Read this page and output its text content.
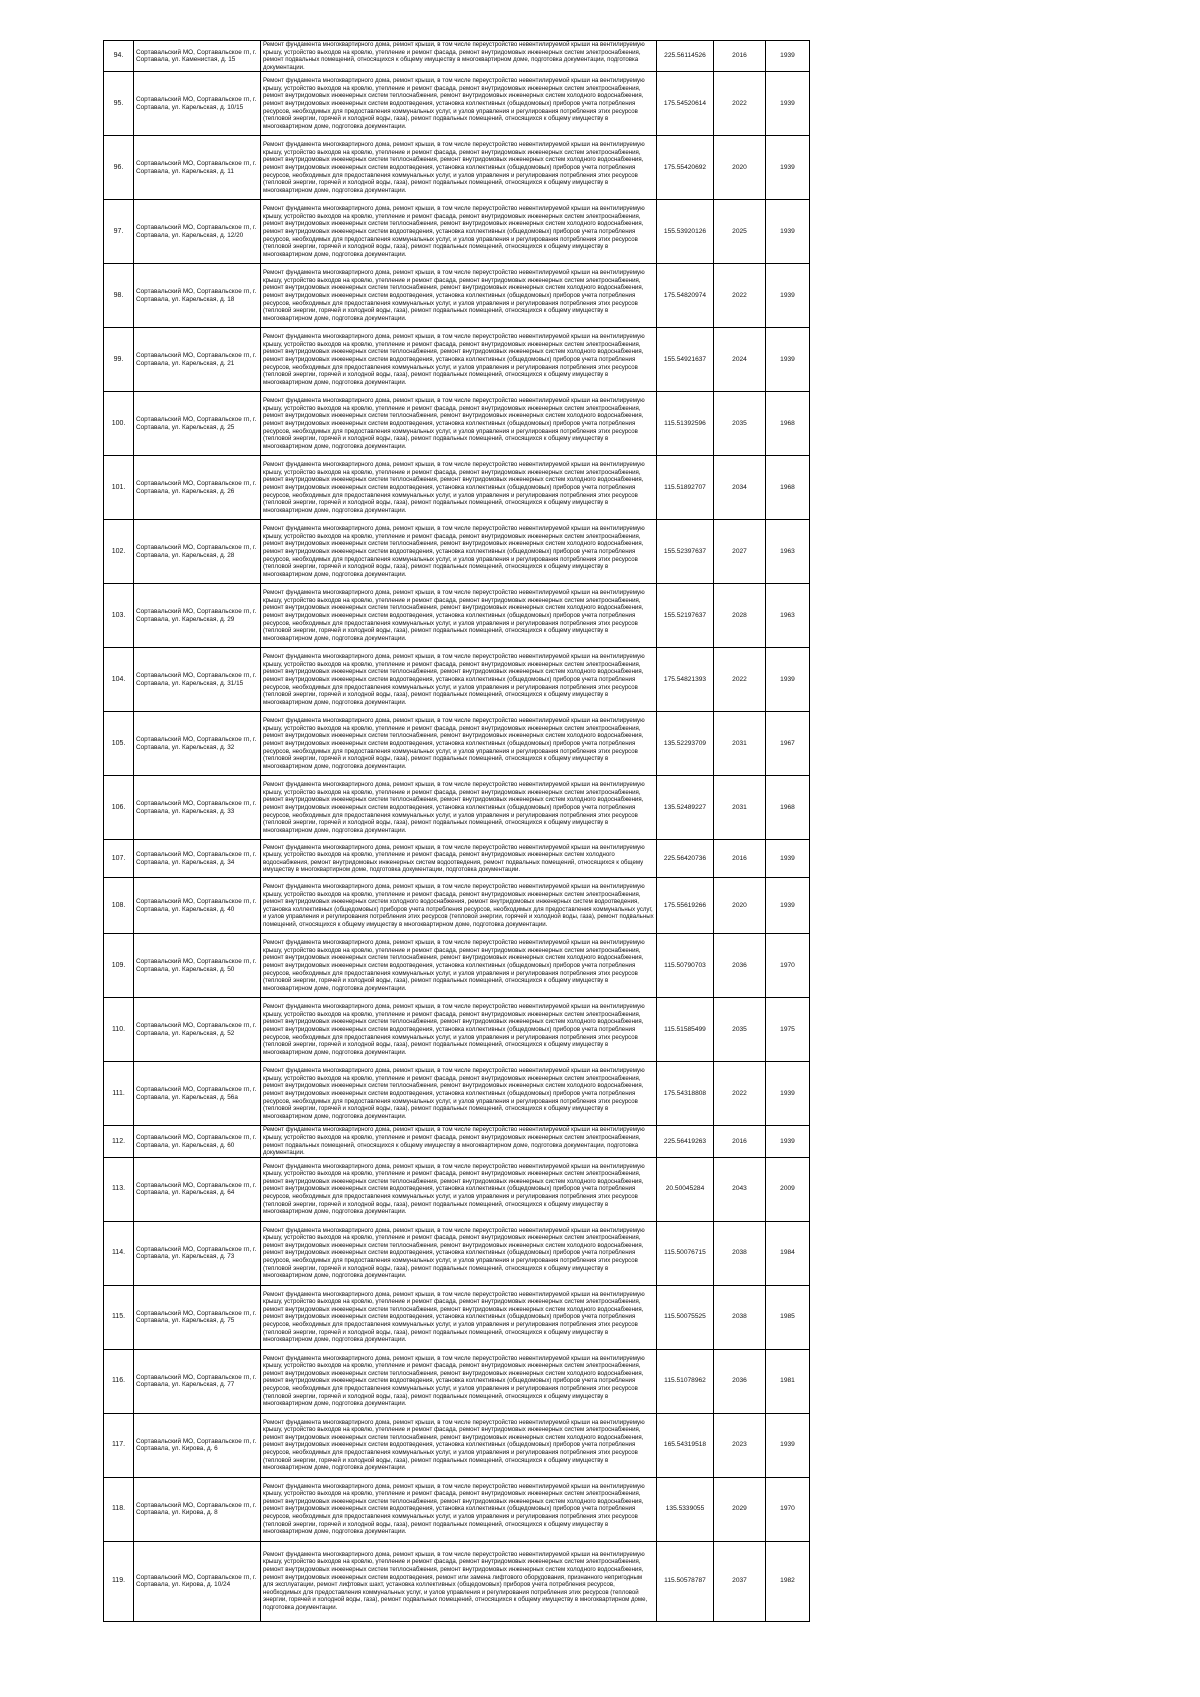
94.	Сортавальский МО, Сортавальское гп, г. Сортавала, ул. Каменистая, д. 15	Ремонт фундамента многоквартирного дома, ремонт крыши, в том числе переустройство невентилируемой крыши на вентилируемую крышу, устройство выходов на кровлю, утепление и ремонт фасада, ремонт внутридомовых инженерных систем электроснабжения, ремонт подвальных помещений, относящихся к общему имуществу в многоквартирном доме, подготовка документации, подготовка документации.	225.56114526	2016	1939
95.	Сортавальский МО, Сортавальское гп, г. Сортавала, ул. Карельская, д. 10/15	Ремонт фундамента многоквартирного дома, ремонт крыши, в том числе переустройство невентилируемой крыши на вентилируемую крышу, устройство выходов на кровлю, утепление и ремонт фасада, ремонт внутридомовых инженерных систем электроснабжения, ремонт внутридомовых инженерных систем теплоснабжения, ремонт внутридомовых инженерных систем холодного водоснабжения, ремонт внутридомовых инженерных систем водоотведения, установка коллективных (общедомовых) приборов учета потребления ресурсов, необходимых для предоставления коммунальных услуг, и узлов управления и регулирования потребления этих ресурсов (тепловой энергии, горячей и холодной воды, газа), ремонт подвальных помещений, относящихся к общему имуществу в многоквартирном доме, подготовка документации.	175.54520614	2022	1939
96.	Сортавальский МО, Сортавальское гп, г. Сортавала, ул. Карельская, д. 11	Ремонт фундамента многоквартирного дома, ремонт крыши, в том числе переустройство невентилируемой крыши на вентилируемую крышу, устройство выходов на кровлю, утепление и ремонт фасада, ремонт внутридомовых инженерных систем электроснабжения, ремонт внутридомовых инженерных систем теплоснабжения, ремонт внутридомовых инженерных систем холодного водоснабжения, ремонт внутридомовых инженерных систем водоотведения, установка коллективных (общедомовых) приборов учета потребления ресурсов, необходимых для предоставления коммунальных услуг, и узлов управления и регулирования потребления этих ресурсов (тепловой энергии, горячей и холодной воды, газа), ремонт подвальных помещений, относящихся к общему имуществу в многоквартирном доме, подготовка документации.	175.55420692	2020	1939
97.	Сортавальский МО, Сортавальское гп, г. Сортавала, ул. Карельская, д. 12/20	Ремонт фундамента многоквартирного дома, ремонт крыши, в том числе переустройство невентилируемой крыши на вентилируемую крышу, устройство выходов на кровлю, утепление и ремонт фасада, ремонт внутридомовых инженерных систем электроснабжения, ремонт внутридомовых инженерных систем теплоснабжения, ремонт внутридомовых инженерных систем холодного водоснабжения, ремонт внутридомовых инженерных систем водоотведения, установка коллективных (общедомовых) приборов учета потребления ресурсов, необходимых для предоставления коммунальных услуг, и узлов управления и регулирования потребления этих ресурсов (тепловой энергии, горячей и холодной воды, газа), ремонт подвальных помещений, относящихся к общему имуществу в многоквартирном доме, подготовка документации.	155.53920126	2025	1939
98.	Сортавальский МО, Сортавальское гп, г. Сортавала, ул. Карельская, д. 18	Ремонт фундамента многоквартирного дома, ремонт крыши, в том числе переустройство невентилируемой крыши на вентилируемую крышу, устройство выходов на кровлю, утепление и ремонт фасада, ремонт внутридомовых инженерных систем электроснабжения, ремонт внутридомовых инженерных систем теплоснабжения, ремонт внутридомовых инженерных систем холодного водоснабжения, ремонт внутридомовых инженерных систем водоотведения, установка коллективных (общедомовых) приборов учета потребления ресурсов, необходимых для предоставления коммунальных услуг, и узлов управления и регулирования потребления этих ресурсов (тепловой энергии, горячей и холодной воды, газа), ремонт подвальных помещений, относящихся к общему имуществу в многоквартирном доме, подготовка документации.	175.54820974	2022	1939
99.	Сортавальский МО, Сортавальское гп, г. Сортавала, ул. Карельская, д. 21	Ремонт фундамента многоквартирного дома, ремонт крыши, в том числе переустройство невентилируемой крыши на вентилируемую крышу, устройство выходов на кровлю, утепление и ремонт фасада, ремонт внутридомовых инженерных систем электроснабжения, ремонт внутридомовых инженерных систем теплоснабжения, ремонт внутридомовых инженерных систем холодного водоснабжения, ремонт внутридомовых инженерных систем водоотведения, установка коллективных (общедомовых) приборов учета потребления ресурсов, необходимых для предоставления коммунальных услуг, и узлов управления и регулирования потребления этих ресурсов (тепловой энергии, горячей и холодной воды, газа), ремонт подвальных помещений, относящихся к общему имуществу в многоквартирном доме, подготовка документации.	155.54921637	2024	1939
100.	Сортавальский МО, Сортавальское гп, г. Сортавала, ул. Карельская, д. 25	Ремонт фундамента многоквартирного дома, ремонт крыши, в том числе переустройство невентилируемой крыши на вентилируемую крышу, устройство выходов на кровлю, утепление и ремонт фасада, ремонт внутридомовых инженерных систем электроснабжения, ремонт внутридомовых инженерных систем теплоснабжения, ремонт внутридомовых инженерных систем холодного водоснабжения, ремонт внутридомовых инженерных систем водоотведения, установка коллективных (общедомовых) приборов учета потребления ресурсов, необходимых для предоставления коммунальных услуг, и узлов управления и регулирования потребления этих ресурсов (тепловой энергии, горячей и холодной воды, газа), ремонт подвальных помещений, относящихся к общему имуществу в многоквартирном доме, подготовка документации.	115.51392596	2035	1968
101.	Сортавальский МО, Сортавальское гп, г. Сортавала, ул. Карельская, д. 26	Ремонт фундамента многоквартирного дома, ремонт крыши, в том числе переустройство невентилируемой крыши на вентилируемую крышу, устройство выходов на кровлю, утепление и ремонт фасада, ремонт внутридомовых инженерных систем электроснабжения, ремонт внутридомовых инженерных систем теплоснабжения, ремонт внутридомовых инженерных систем холодного водоснабжения, ремонт внутридомовых инженерных систем водоотведения, установка коллективных (общедомовых) приборов учета потребления ресурсов, необходимых для предоставления коммунальных услуг, и узлов управления и регулирования потребления этих ресурсов (тепловой энергии, горячей и холодной воды, газа), ремонт подвальных помещений, относящихся к общему имуществу в многоквартирном доме, подготовка документации.	115.51892707	2034	1968
102.	Сортавальский МО, Сортавальское гп, г. Сортавала, ул. Карельская, д. 28	Ремонт фундамента многоквартирного дома, ремонт крыши, в том числе переустройство невентилируемой крыши на вентилируемую крышу, устройство выходов на кровлю, утепление и ремонт фасада, ремонт внутридомовых инженерных систем электроснабжения, ремонт внутридомовых инженерных систем теплоснабжения, ремонт внутридомовых инженерных систем холодного водоснабжения, ремонт внутридомовых инженерных систем водоотведения, установка коллективных (общедомовых) приборов учета потребления ресурсов, необходимых для предоставления коммунальных услуг, и узлов управления и регулирования потребления этих ресурсов (тепловой энергии, горячей и холодной воды, газа), ремонт подвальных помещений, относящихся к общему имуществу в многоквартирном доме, подготовка документации.	155.52397637	2027	1963
103.	Сортавальский МО, Сортавальское гп, г. Сортавала, ул. Карельская, д. 29	Ремонт фундамента многоквартирного дома, ремонт крыши, в том числе переустройство невентилируемой крыши на вентилируемую крышу, устройство выходов на кровлю, утепление и ремонт фасада, ремонт внутридомовых инженерных систем электроснабжения, ремонт внутридомовых инженерных систем теплоснабжения, ремонт внутридомовых инженерных систем холодного водоснабжения, ремонт внутридомовых инженерных систем водоотведения, установка коллективных (общедомовых) приборов учета потребления ресурсов, необходимых для предоставления коммунальных услуг, и узлов управления и регулирования потребления этих ресурсов (тепловой энергии, горячей и холодной воды, газа), ремонт подвальных помещений, относящихся к общему имуществу в многоквартирном доме, подготовка документации.	155.52197637	2028	1963
104.	Сортавальский МО, Сортавальское гп, г. Сортавала, ул. Карельская, д. 31/15	Ремонт фундамента многоквартирного дома, ремонт крыши, в том числе переустройство невентилируемой крыши на вентилируемую крышу, устройство выходов на кровлю, утепление и ремонт фасада, ремонт внутридомовых инженерных систем электроснабжения, ремонт внутридомовых инженерных систем теплоснабжения, ремонт внутридомовых инженерных систем холодного водоснабжения, ремонт внутридомовых инженерных систем водоотведения, установка коллективных (общедомовых) приборов учета потребления ресурсов, необходимых для предоставления коммунальных услуг, и узлов управления и регулирования потребления этих ресурсов (тепловой энергии, горячей и холодной воды, газа), ремонт подвальных помещений, относящихся к общему имуществу в многоквартирном доме, подготовка документации.	175.54821393	2022	1939
105.	Сортавальский МО, Сортавальское гп, г. Сортавала, ул. Карельская, д. 32	Ремонт фундамента многоквартирного дома, ремонт крыши, в том числе переустройство невентилируемой крыши на вентилируемую крышу, устройство выходов на кровлю, утепление и ремонт фасада, ремонт внутридомовых инженерных систем электроснабжения, ремонт внутридомовых инженерных систем теплоснабжения, ремонт внутридомовых инженерных систем холодного водоснабжения, ремонт внутридомовых инженерных систем водоотведения, установка коллективных (общедомовых) приборов учета потребления ресурсов, необходимых для предоставления коммунальных услуг, и узлов управления и регулирования потребления этих ресурсов (тепловой энергии, горячей и холодной воды, газа), ремонт подвальных помещений, относящихся к общему имуществу в многоквартирном доме, подготовка документации.	135.52293709	2031	1967
106.	Сортавальский МО, Сортавальское гп, г. Сортавала, ул. Карельская, д. 33	Ремонт фундамента многоквартирного дома, ремонт крыши, в том числе переустройство невентилируемой крыши на вентилируемую крышу, устройство выходов на кровлю, утепление и ремонт фасада, ремонт внутридомовых инженерных систем электроснабжения, ремонт внутридомовых инженерных систем теплоснабжения, ремонт внутридомовых инженерных систем холодного водоснабжения, ремонт внутридомовых инженерных систем водоотведения, установка коллективных (общедомовых) приборов учета потребления ресурсов, необходимых для предоставления коммунальных услуг, и узлов управления и регулирования потребления этих ресурсов (тепловой энергии, горячей и холодной воды, газа), ремонт подвальных помещений, относящихся к общему имуществу в многоквартирном доме, подготовка документации.	135.52489227	2031	1968
107.	Сортавальский МО, Сортавальское гп, г. Сортавала, ул. Карельская, д. 34	Ремонт фундамента многоквартирного дома, ремонт крыши, в том числе переустройство невентилируемой крыши на вентилируемую крышу, устройство выходов на кровлю, утепление и ремонт фасада, ремонт внутридомовых инженерных систем холодного водоснабжения, ремонт внутридомовых инженерных систем водоотведения, ремонт подвальных помещений, относящихся к общему имуществу в многоквартирном доме, подготовка документации, подготовка документации.	225.56420736	2016	1939
108.	Сортавальский МО, Сортавальское гп, г. Сортавала, ул. Карельская, д. 40	Ремонт фундамента многоквартирного дома, ремонт крыши, в том числе переустройство невентилируемой крыши на вентилируемую крышу, устройство выходов на кровлю, утепление и ремонт фасада, ремонт внутридомовых инженерных систем электроснабжения, ремонт внутридомовых инженерных систем холодного водоснабжения, ремонт внутридомовых инженерных систем водоотведения, установка коллективных (общедомовых) приборов учета потребления ресурсов, необходимых для предоставления коммунальных услуг, и узлов управления и регулирования потребления этих ресурсов (тепловой энергии, горячей и холодной воды, газа), ремонт подвальных помещений, относящихся к общему имуществу в многоквартирном доме, подготовка документации.	175.55619266	2020	1939
109.	Сортавальский МО, Сортавальское гп, г. Сортавала, ул. Карельская, д. 50	Ремонт фундамента многоквартирного дома, ремонт крыши, в том числе переустройство невентилируемой крыши на вентилируемую крышу, устройство выходов на кровлю, утепление и ремонт фасада, ремонт внутридомовых инженерных систем электроснабжения, ремонт внутридомовых инженерных систем теплоснабжения, ремонт внутридомовых инженерных систем холодного водоснабжения, ремонт внутридомовых инженерных систем водоотведения, установка коллективных (общедомовых) приборов учета потребления ресурсов, необходимых для предоставления коммунальных услуг, и узлов управления и регулирования потребления этих ресурсов (тепловой энергии, горячей и холодной воды, газа), ремонт подвальных помещений, относящихся к общему имуществу в многоквартирном доме, подготовка документации.	115.50790703	2036	1970
110.	Сортавальский МО, Сортавальское гп, г. Сортавала, ул. Карельская, д. 52	Ремонт фундамента многоквартирного дома, ремонт крыши, в том числе переустройство невентилируемой крыши на вентилируемую крышу, устройство выходов на кровлю, утепление и ремонт фасада, ремонт внутридомовых инженерных систем электроснабжения, ремонт внутридомовых инженерных систем теплоснабжения, ремонт внутридомовых инженерных систем холодного водоснабжения, ремонт внутридомовых инженерных систем водоотведения, установка коллективных (общедомовых) приборов учета потребления ресурсов, необходимых для предоставления коммунальных услуг, и узлов управления и регулирования потребления этих ресурсов (тепловой энергии, горячей и холодной воды, газа), ремонт подвальных помещений, относящихся к общему имуществу в многоквартирном доме, подготовка документации.	115.51585499	2035	1975
111.	Сортавальский МО, Сортавальское гп, г. Сортавала, ул. Карельская, д. 56а	Ремонт фундамента многоквартирного дома, ремонт крыши, в том числе переустройство невентилируемой крыши на вентилируемую крышу, устройство выходов на кровлю, утепление и ремонт фасада, ремонт внутридомовых инженерных систем электроснабжения, ремонт внутридомовых инженерных систем теплоснабжения, ремонт внутридомовых инженерных систем холодного водоснабжения, ремонт внутридомовых инженерных систем водоотведения, установка коллективных (общедомовых) приборов учета потребления ресурсов, необходимых для предоставления коммунальных услуг, и узлов управления и регулирования потребления этих ресурсов (тепловой энергии, горячей и холодной воды, газа), ремонт подвальных помещений, относящихся к общему имуществу в многоквартирном доме, подготовка документации.	175.54318808	2022	1939
112.	Сортавальский МО, Сортавальское гп, г. Сортавала, ул. Карельская, д. 60	Ремонт фундамента многоквартирного дома, ремонт крыши, в том числе переустройство невентилируемой крыши на вентилируемую крышу, устройство выходов на кровлю, утепление и ремонт фасада, ремонт внутридомовых инженерных систем электроснабжения, ремонт подвальных помещений, относящихся к общему имуществу в многоквартирном доме, подготовка документации, подготовка документации.	225.56419263	2016	1939
113.	Сортавальский МО, Сортавальское гп, г. Сортавала, ул. Карельская, д. 64	Ремонт фундамента многоквартирного дома, ремонт крыши, в том числе переустройство невентилируемой крыши на вентилируемую крышу, устройство выходов на кровлю, утепление и ремонт фасада, ремонт внутридомовых инженерных систем электроснабжения, ремонт внутридомовых инженерных систем теплоснабжения, ремонт внутридомовых инженерных систем холодного водоснабжения, ремонт внутридомовых инженерных систем водоотведения, установка коллективных (общедомовых) приборов учета потребления ресурсов, необходимых для предоставления коммунальных услуг, и узлов управления и регулирования потребления этих ресурсов (тепловой энергии, горячей и холодной воды, газа), ремонт подвальных помещений, относящихся к общему имуществу в многоквартирном доме, подготовка документации.	20.50045284	2043	2009
114.	Сортавальский МО, Сортавальское гп, г. Сортавала, ул. Карельская, д. 73	Ремонт фундамента многоквартирного дома, ремонт крыши, в том числе переустройство невентилируемой крыши на вентилируемую крышу, устройство выходов на кровлю, утепление и ремонт фасада, ремонт внутридомовых инженерных систем электроснабжения, ремонт внутридомовых инженерных систем теплоснабжения, ремонт внутридомовых инженерных систем холодного водоснабжения, ремонт внутридомовых инженерных систем водоотведения, установка коллективных (общедомовых) приборов учета потребления ресурсов, необходимых для предоставления коммунальных услуг, и узлов управления и регулирования потребления этих ресурсов (тепловой энергии, горячей и холодной воды, газа), ремонт подвальных помещений, относящихся к общему имуществу в многоквартирном доме, подготовка документации.	115.50076715	2038	1984
115.	Сортавальский МО, Сортавальское гп, г. Сортавала, ул. Карельская, д. 75	Ремонт фундамента многоквартирного дома, ремонт крыши, в том числе переустройство невентилируемой крыши на вентилируемую крышу, устройство выходов на кровлю, утепление и ремонт фасада, ремонт внутридомовых инженерных систем электроснабжения, ремонт внутридомовых инженерных систем теплоснабжения, ремонт внутридомовых инженерных систем холодного водоснабжения, ремонт внутридомовых инженерных систем водоотведения, установка коллективных (общедомовых) приборов учета потребления ресурсов, необходимых для предоставления коммунальных услуг, и узлов управления и регулирования потребления этих ресурсов (тепловой энергии, горячей и холодной воды, газа), ремонт подвальных помещений, относящихся к общему имуществу в многоквартирном доме, подготовка документации.	115.50075525	2038	1985
116.	Сортавальский МО, Сортавальское гп, г. Сортавала, ул. Карельская, д. 77	Ремонт фундамента многоквартирного дома, ремонт крыши, в том числе переустройство невентилируемой крыши на вентилируемую крышу, устройство выходов на кровлю, утепление и ремонт фасада, ремонт внутридомовых инженерных систем электроснабжения, ремонт внутридомовых инженерных систем теплоснабжения, ремонт внутридомовых инженерных систем холодного водоснабжения, ремонт внутридомовых инженерных систем водоотведения, установка коллективных (общедомовых) приборов учета потребления ресурсов, необходимых для предоставления коммунальных услуг, и узлов управления и регулирования потребления этих ресурсов (тепловой энергии, горячей и холодной воды, газа), ремонт подвальных помещений, относящихся к общему имуществу в многоквартирном доме, подготовка документации.	115.51078962	2036	1981
117.	Сортавальский МО, Сортавальское гп, г. Сортавала, ул. Кирова, д. 6	Ремонт фундамента многоквартирного дома, ремонт крыши, в том числе переустройство невентилируемой крыши на вентилируемую крышу, устройство выходов на кровлю, утепление и ремонт фасада, ремонт внутридомовых инженерных систем электроснабжения, ремонт внутридомовых инженерных систем теплоснабжения, ремонт внутридомовых инженерных систем холодного водоснабжения, ремонт внутридомовых инженерных систем водоотведения, установка коллективных (общедомовых) приборов учета потребления ресурсов, необходимых для предоставления коммунальных услуг, и узлов управления и регулирования потребления этих ресурсов (тепловой энергии, горячей и холодной воды, газа), ремонт подвальных помещений, относящихся к общему имуществу в многоквартирном доме, подготовка документации.	165.54319518	2023	1939
118.	Сортавальский МО, Сортавальское гп, г. Сортавала, ул. Кирова, д. 8	Ремонт фундамента многоквартирного дома, ремонт крыши, в том числе переустройство невентилируемой крыши на вентилируемую крышу, устройство выходов на кровлю, утепление и ремонт фасада, ремонт внутридомовых инженерных систем электроснабжения, ремонт внутридомовых инженерных систем теплоснабжения, ремонт внутридомовых инженерных систем холодного водоснабжения, ремонт внутридомовых инженерных систем водоотведения, установка коллективных (общедомовых) приборов учета потребления ресурсов, необходимых для предоставления коммунальных услуг, и узлов управления и регулирования потребления этих ресурсов (тепловой энергии, горячей и холодной воды, газа), ремонт подвальных помещений, относящихся к общему имуществу в многоквартирном доме, подготовка документации.	135.5339055	2029	1970
119.	Сортавальский МО, Сортавальское гп, г. Сортавала, ул. Кирова, д. 10/24	Ремонт фундамента многоквартирного дома, ремонт крыши, в том числе переустройство невентилируемой крыши на вентилируемую крышу, устройство выходов на кровлю, утепление и ремонт фасада, ремонт внутридомовых инженерных систем электроснабжения, ремонт внутридомовых инженерных систем теплоснабжения, ремонт внутридомовых инженерных систем холодного водоснабжения, ремонт внутридомовых инженерных систем водоотведения, ремонт или замена лифтового оборудования, признанного непригодным для эксплуатации, ремонт лифтовых шахт, установка коллективных (общедомовых) приборов учета потребления ресурсов, необходимых для предоставления коммунальных услуг, и узлов управления и регулирования потребления этих ресурсов (тепловой энергии, горячей и холодной воды, газа), ремонт подвальных помещений, относящихся к общему имуществу в многоквартирном доме, подготовка документации.	115.50578787	2037	1982
